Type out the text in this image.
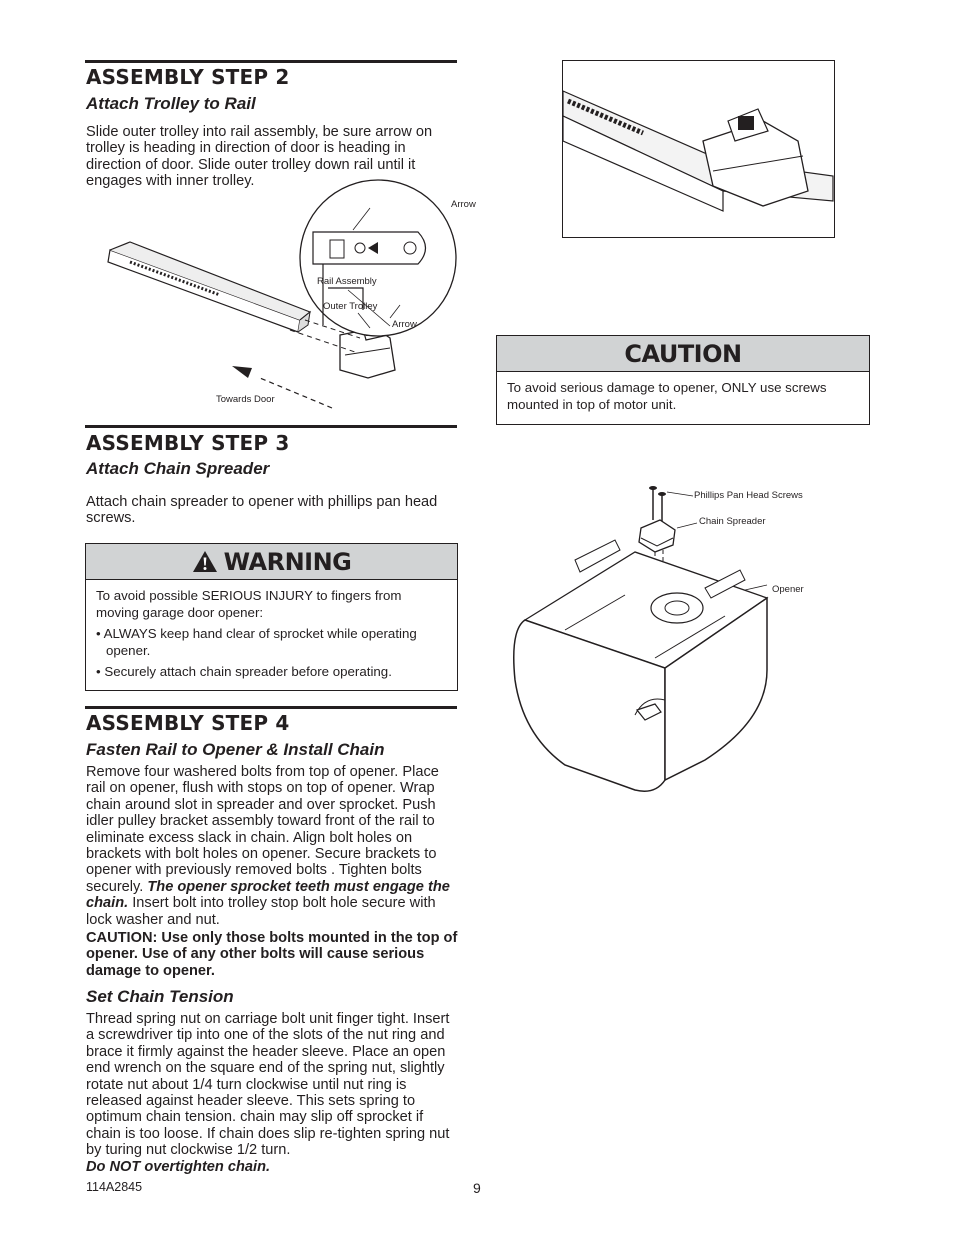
ASSEMBLY STEP 2
Attach Trolley to Rail
Slide outer trolley into rail assembly, be sure arrow on trolley is heading in direction of door is heading in direction of door. Slide outer trolley down rail until it engages with inner trolley.
Arrow
Rail Assembly
Outer Trolley
Arrow
Towards Door
CAUTION

To avoid serious damage to opener, ONLY use screws mounted in top of motor unit.

ASSEMBLY STEP 3
Attach Chain Spreader
Attach chain spreader to opener with phillips pan head screws.
WARNING

To avoid possible SERIOUS INJURY to fingers from moving garage door opener:

• ALWAYS keep hand clear of sprocket while operating opener.

• Securely attach chain spreader before operating.

Phillips Pan Head Screws
Chain Spreader
Opener
ASSEMBLY STEP 4
Fasten Rail to Opener & Install Chain

Remove four washered bolts from top of opener. Place rail on opener, flush with stops on top of opener. Wrap chain around slot in spreader and over sprocket. Push idler pulley bracket assembly toward front of the rail to eliminate excess slack in chain. Align bolt holes on brackets with bolt holes on opener. Secure brackets to opener with previously removed bolts . Tighten bolts securely. The opener sprocket teeth must engage the chain. Insert bolt into trolley stop bolt hole secure with lock washer and nut.

CAUTION: Use only those bolts mounted in the top of opener. Use of any other bolts will cause serious damage to opener.

Set Chain Tension

Thread spring nut on carriage bolt unit finger tight. Insert a screwdriver tip into one of the slots of the nut ring and brace it firmly against the header sleeve. Place an open end wrench on the square end of the spring nut, slightly rotate nut about 1/4 turn clockwise until nut ring is released against header sleeve. This sets spring to optimum chain tension. chain may slip off sprocket if chain is too loose. If chain does slip re-tighten spring nut by turing nut clockwise 1/2 turn.

Do NOT overtighten chain.

114A2845	9
